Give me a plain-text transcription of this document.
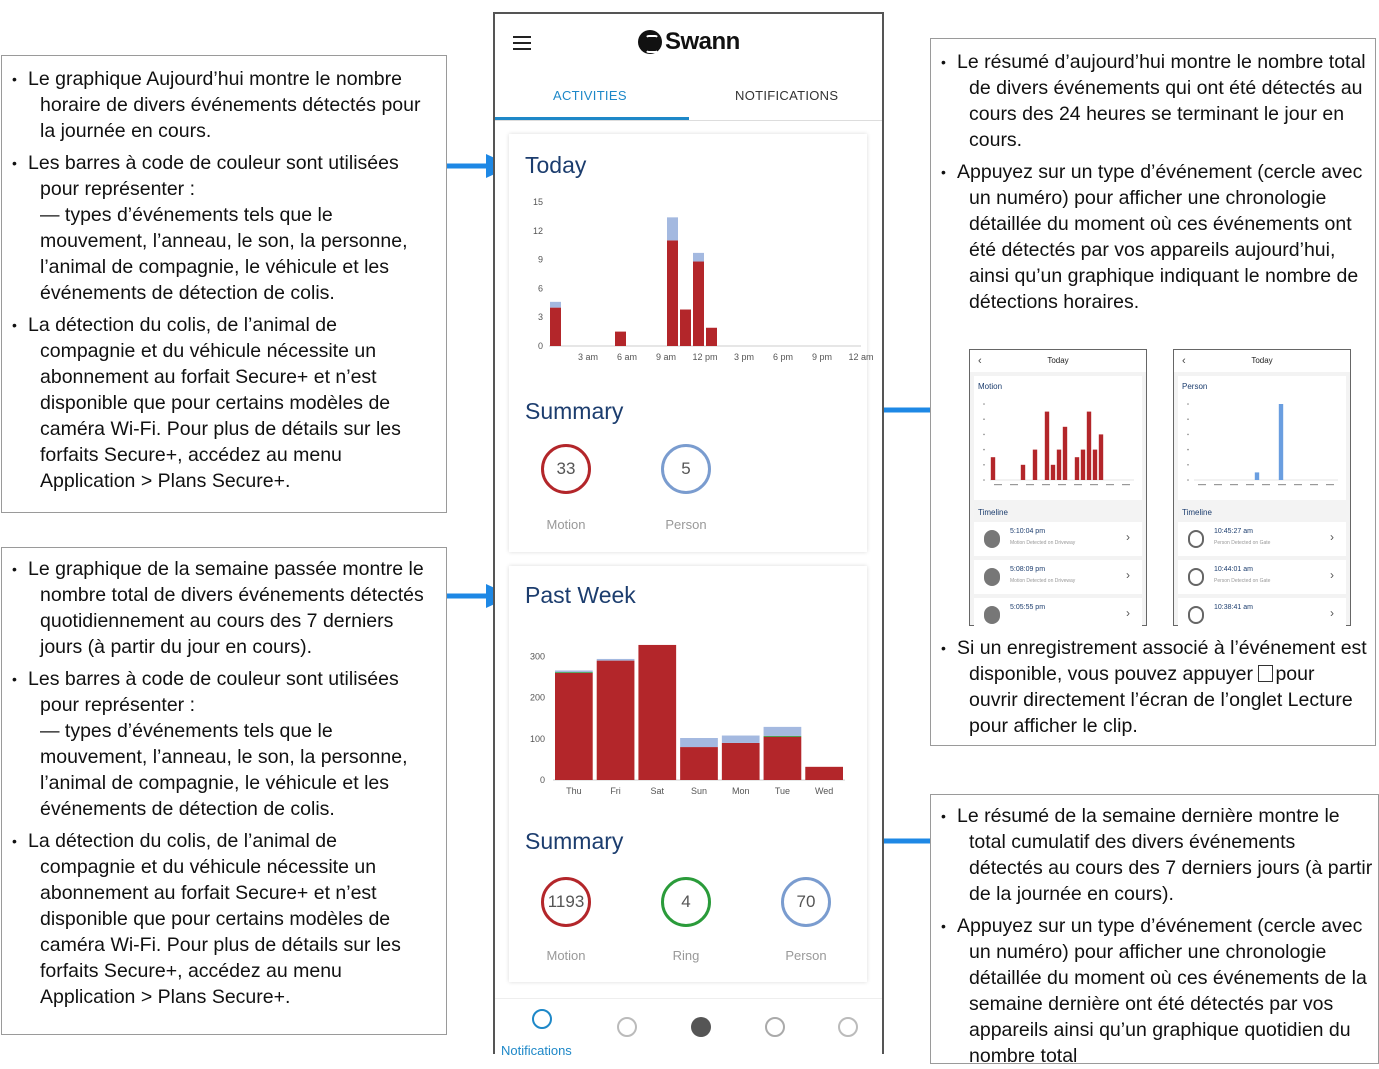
• Le graphique Aujourd’hui montre le nombre horaire de divers événements détectés pour la journée en cours.
• Les barres à code de couleur sont utilisées pour représenter :
— types d’événements tels que le mouvement, l’anneau, le son, la personne, l’animal de compagnie, le véhicule et les événements de détection de colis.
• La détection du colis, de l’animal de compagnie et du véhicule nécessite un abonnement au forfait Secure+ et n’est disponible que pour certains modèles de caméra Wi-Fi. Pour plus de détails sur les forfaits Secure+, accédez au menu Application > Plans Secure+.
• Le graphique de la semaine passée montre le nombre total de divers événements détectés quotidiennement au cours des 7 derniers jours (à partir du jour en cours).
• Les barres à code de couleur sont utilisées pour représenter :
— types d’événements tels que le mouvement, l’anneau, le son, la personne, l’animal de compagnie, le véhicule et les événements de détection de colis.
• La détection du colis, de l’animal de compagnie et du véhicule nécessite un abonnement au forfait Secure+ et n’est disponible que pour certains modèles de caméra Wi-Fi. Pour plus de détails sur les forfaits Secure+, accédez au menu Application > Plans Secure+.
• Le résumé d’aujourd’hui montre le nombre total de divers événements qui ont été détectés au cours des 24 heures se terminant le jour en cours.
• Appuyez sur un type d’événement (cercle avec un numéro) pour afficher une chronologie détaillée du moment où ces événements ont été détectés par vos appareils aujourd’hui, ainsi qu’un graphique indiquant le nombre de détections horaires.
• Si un enregistrement associé à l’événement est disponible, vous pouvez appuyer pour ouvrir directement l’écran de l’onglet Lecture pour afficher le clip.
• Le résumé de la semaine dernière montre le total cumulatif des divers événements détectés au cours des 7 derniers jours (à partir de la journée en cours).
• Appuyez sur un type d’événement (cercle avec un numéro) pour afficher une chronologie détaillée du moment où ces événements de la semaine dernière ont été détectés par vos appareils ainsi qu’un graphique quotidien du nombre total
Swann
ACTIVITIES	NOTIFICATIONS
Today
0
3
6
9
12
15
3 am 6 am 9 am 12 pm 3 pm 6 pm 9 pm 12 am
Summary
33
Motion
5
Person
Past Week
0
100
200
300
Thu	Fri	Sat	Sun	Mon	Tue	Wed
Summary
1193
Motion
4
Ring
70
Person
Notifications
‹	Today
Motion
Timeline
5:10:04 pm
Motion Detected on Driveway	›
5:08:09 pm
Motion Detected on Driveway	›
5:05:55 pm	›
‹	Today
Person
Timeline
10:45:27 am
Person Detected on Gate	›
10:44:01 am
Person Detected on Gate	›
10:38:41 am	›
